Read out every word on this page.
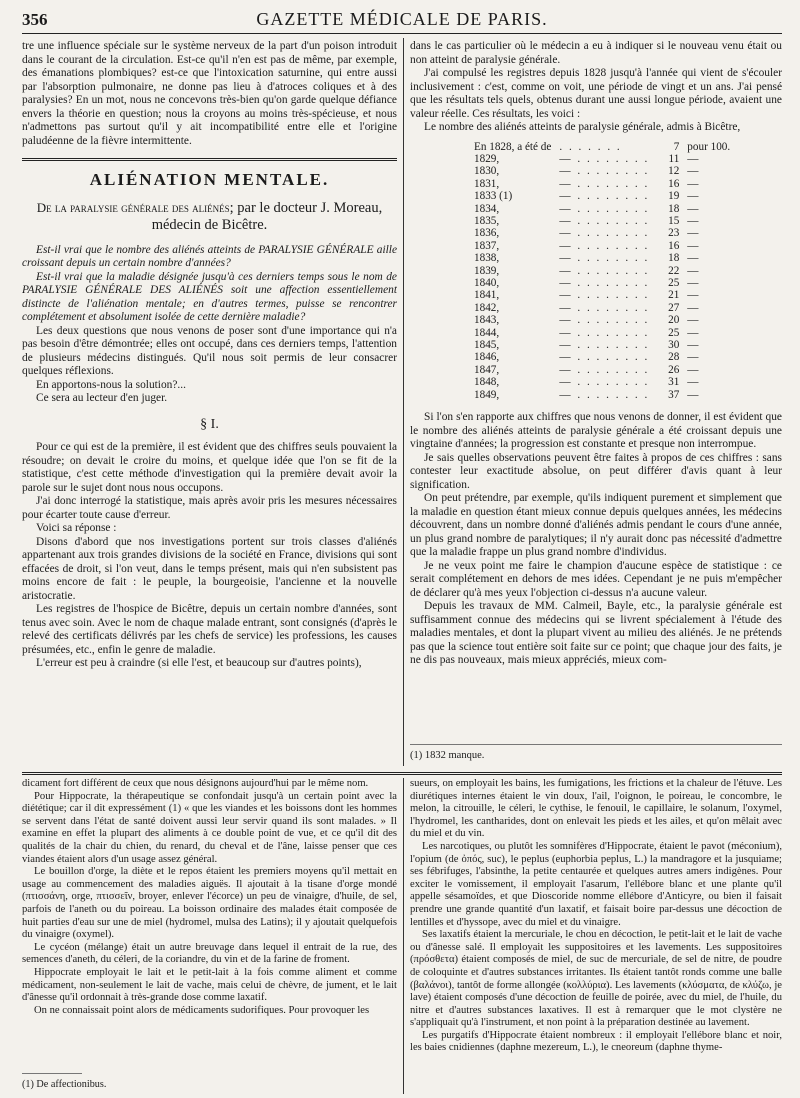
356	GAZETTE MÉDICALE DE PARIS.

tre une influence spéciale sur le système nerveux de la part d'un poison introduit dans le courant de la circulation. Est-ce qu'il n'en est pas de même, par exemple, des émanations plombiques? est-ce que l'intoxication saturnine, qui entre aussi par l'absorption pulmonaire, ne donne pas lieu à d'atroces coliques et à des paralysies? En un mot, nous ne concevons très-bien qu'on garde quelque défiance envers la théorie en question; nous la croyons au moins très-spécieuse, et nous n'admettons pas surtout qu'il y ait incompatibilité entre elle et l'origine paludéenne de la fièvre intermittente.

ALIÉNATION MENTALE.
De la paralysie générale des aliénés; par le docteur J. Moreau, médecin de Bicêtre.

Est-il vrai que le nombre des aliénés atteints de PARALYSIE GÉNÉRALE aille croissant depuis un certain nombre d'années?

Est-il vrai que la maladie désignée jusqu'à ces derniers temps sous le nom de PARALYSIE GÉNÉRALE DES ALIÉNÉS soit une affection essentiellement distincte de l'aliénation mentale; en d'autres termes, puisse se rencontrer complétement et absolument isolée de cette dernière maladie?

Les deux questions que nous venons de poser sont d'une importance qui n'a pas besoin d'être démontrée; elles ont occupé, dans ces derniers temps, l'attention de plusieurs médecins distingués. Qu'il nous soit permis de leur consacrer quelques réflexions.

En apportons-nous la solution?...

Ce sera au lecteur d'en juger.

§ I.

Pour ce qui est de la première, il est évident que des chiffres seuls pouvaient la résoudre; on devait le croire du moins, et quelque idée que l'on se fit de la statistique, c'est cette méthode d'investigation qui la première devait avoir la parole sur le sujet dont nous nous occupons.

J'ai donc interrogé la statistique, mais après avoir pris les mesures nécessaires pour écarter toute cause d'erreur.

Voici sa réponse :

Disons d'abord que nos investigations portent sur trois classes d'aliénés appartenant aux trois grandes divisions de la société en France, divisions qui sont effacées de droit, si l'on veut, dans le temps présent, mais qui n'en subsistent pas moins encore de fait : le peuple, la bourgeoisie, l'ancienne et la nouvelle aristocratie.

Les registres de l'hospice de Bicêtre, depuis un certain nombre d'années, sont tenus avec soin. Avec le nom de chaque malade entrant, sont consignés (d'après le relevé des certificats délivrés par les chefs de service) les professions, les causes présumées, etc., enfin le genre de maladie.

L'erreur est peu à craindre (si elle l'est, et beaucoup sur d'autres points),

dans le cas particulier où le médecin a eu à indiquer si le nouveau venu était ou non atteint de paralysie générale.

J'ai compulsé les registres depuis 1828 jusqu'à l'année qui vient de s'écouler inclusivement : c'est, comme on voit, une période de vingt et un ans. J'ai pensé que les résultats tels quels, obtenus durant une aussi longue période, avaient une valeur réelle. Ces résultats, les voici :

Le nombre des aliénés atteints de paralysie générale, admis à Bicêtre,

En 1828, a été de	. . . . . . .	7	pour 100.
1829,	— . . . . . . . .	11	—
1830,	— . . . . . . . .	12	—
1831,	— . . . . . . . .	16	—
1833 (1)	— . . . . . . . .	19	—
1834,	— . . . . . . . .	18	—
1835,	— . . . . . . . .	15	—
1836,	— . . . . . . . .	23	—
1837,	— . . . . . . . .	16	—
1838,	— . . . . . . . .	18	—
1839,	— . . . . . . . .	22	—
1840,	— . . . . . . . .	25	—
1841,	— . . . . . . . .	21	—
1842,	— . . . . . . . .	27	—
1843,	— . . . . . . . .	20	—
1844,	— . . . . . . . .	25	—
1845,	— . . . . . . . .	30	—
1846,	— . . . . . . . .	28	—
1847,	— . . . . . . . .	26	—
1848,	— . . . . . . . .	31	—
1849,	— . . . . . . . .	37	—

Si l'on s'en rapporte aux chiffres que nous venons de donner, il est évident que le nombre des aliénés atteints de paralysie générale a été croissant depuis une vingtaine d'années; la progression est constante et presque non interrompue.

Je sais quelles observations peuvent être faites à propos de ces chiffres : sans contester leur exactitude absolue, on peut différer d'avis quant à leur signification.

On peut prétendre, par exemple, qu'ils indiquent purement et simplement que la maladie en question étant mieux connue depuis quelques années, les médecins découvrent, dans un nombre donné d'aliénés admis pendant le cours d'une année, un plus grand nombre de paralytiques; il n'y aurait donc pas nécessité d'admettre que la maladie frappe un plus grand nombre d'individus.

Je ne veux point me faire le champion d'aucune espèce de statistique : ce serait complétement en dehors de mes idées. Cependant je ne puis m'empêcher de déclarer qu'à mes yeux l'objection ci-dessus n'a aucune valeur.

Depuis les travaux de MM. Calmeil, Bayle, etc., la paralysie générale est suffisamment connue des médecins qui se livrent spécialement à l'étude des maladies mentales, et dont la plupart vivent au milieu des aliénés. Je ne prétends pas que la science tout entière soit faite sur ce point; que chaque jour des faits, je ne dis pas nouveaux, mais mieux appréciés, mieux com-

(1) 1832 manque.

dicament fort différent de ceux que nous désignons aujourd'hui par le même nom.

Pour Hippocrate, la thérapeutique se confondait jusqu'à un certain point avec la diététique; car il dit expressément (1) « que les viandes et les boissons dont les hommes se servent dans l'état de santé doivent aussi leur servir quand ils sont malades. » Il examine en effet la plupart des aliments à ce double point de vue, et ce qu'il dit des qualités de la chair du chien, du renard, du cheval et de l'âne, laisse penser que ces viandes étaient alors d'un usage assez général.

Le bouillon d'orge, la diète et le repos étaient les premiers moyens qu'il mettait en usage au commencement des maladies aiguës. Il ajoutait à la tisane d'orge mondé (πτισσάνη, orge, πτισσεῖν, broyer, enlever l'écorce) un peu de vinaigre, d'huile, de sel, parfois de l'aneth ou du poireau. La boisson ordinaire des malades était composée de huit parties d'eau sur une de miel (hydromel, mulsa des Latins); il y ajoutait quelquefois du vinaigre (oxymel).

Le cycéon (mélange) était un autre breuvage dans lequel il entrait de la rue, des semences d'aneth, du céleri, de la coriandre, du vin et de la farine de froment.

Hippocrate employait le lait et le petit-lait à la fois comme aliment et comme médicament, non-seulement le lait de vache, mais celui de chèvre, de jument, et le lait d'ânesse qu'il ordonnait à très-grande dose comme laxatif.

On ne connaissait point alors de médicaments sudorifiques. Pour provoquer les

(1) De affectionibus.

sueurs, on employait les bains, les fumigations, les frictions et la chaleur de l'étuve. Les diurétiques internes étaient le vin doux, l'ail, l'oignon, le poireau, le concombre, le melon, la citrouille, le céleri, le cythise, le fenouil, le capillaire, le solanum, l'oxymel, l'hydromel, les cantharides, dont on enlevait les pieds et les ailes, et qu'on mêlait avec du miel et du vin.

Les narcotiques, ou plutôt les somnifères d'Hippocrate, étaient le pavot (méconium), l'opium (de ὀπός, suc), le peplus (euphorbia peplus, L.) la mandragore et la jusquiame; ses fébrifuges, l'absinthe, la petite centaurée et quelques autres amers indigènes. Pour exciter le vomissement, il employait l'asarum, l'ellébore blanc et une plante qu'il appelle sésamoïdes, et que Dioscoride nomme ellébore d'Anticyre, ou bien il faisait prendre une grande quantité d'un laxatif, et faisait boire par-dessus une décoction de lentilles et d'hyssope, avec du miel et du vinaigre.

Ses laxatifs étaient la mercuriale, le chou en décoction, le petit-lait et le lait de vache ou d'ânesse salé. Il employait les suppositoires et les lavements. Les suppositoires (πρόσθετα) étaient composés de miel, de suc de mercuriale, de sel de nitre, de poudre de coloquinte et d'autres substances irritantes. Ils étaient tantôt ronds comme une balle (βαλάνοι), tantôt de forme allongée (κολλύρια). Les lavements (κλύσματα, de κλύζω, je lave) étaient composés d'une décoction de feuille de poirée, avec du miel, de l'huile, du nitre et d'autres substances laxatives. Il est à remarquer que le mot clystère ne s'appliquait qu'à l'instrument, et non point à la préparation destinée au lavement.

Les purgatifs d'Hippocrate étaient nombreux : il employait l'ellébore blanc et noir, les baies cnidiennes (daphne mezereum, L.), le cneoreum (daphne thyme-
